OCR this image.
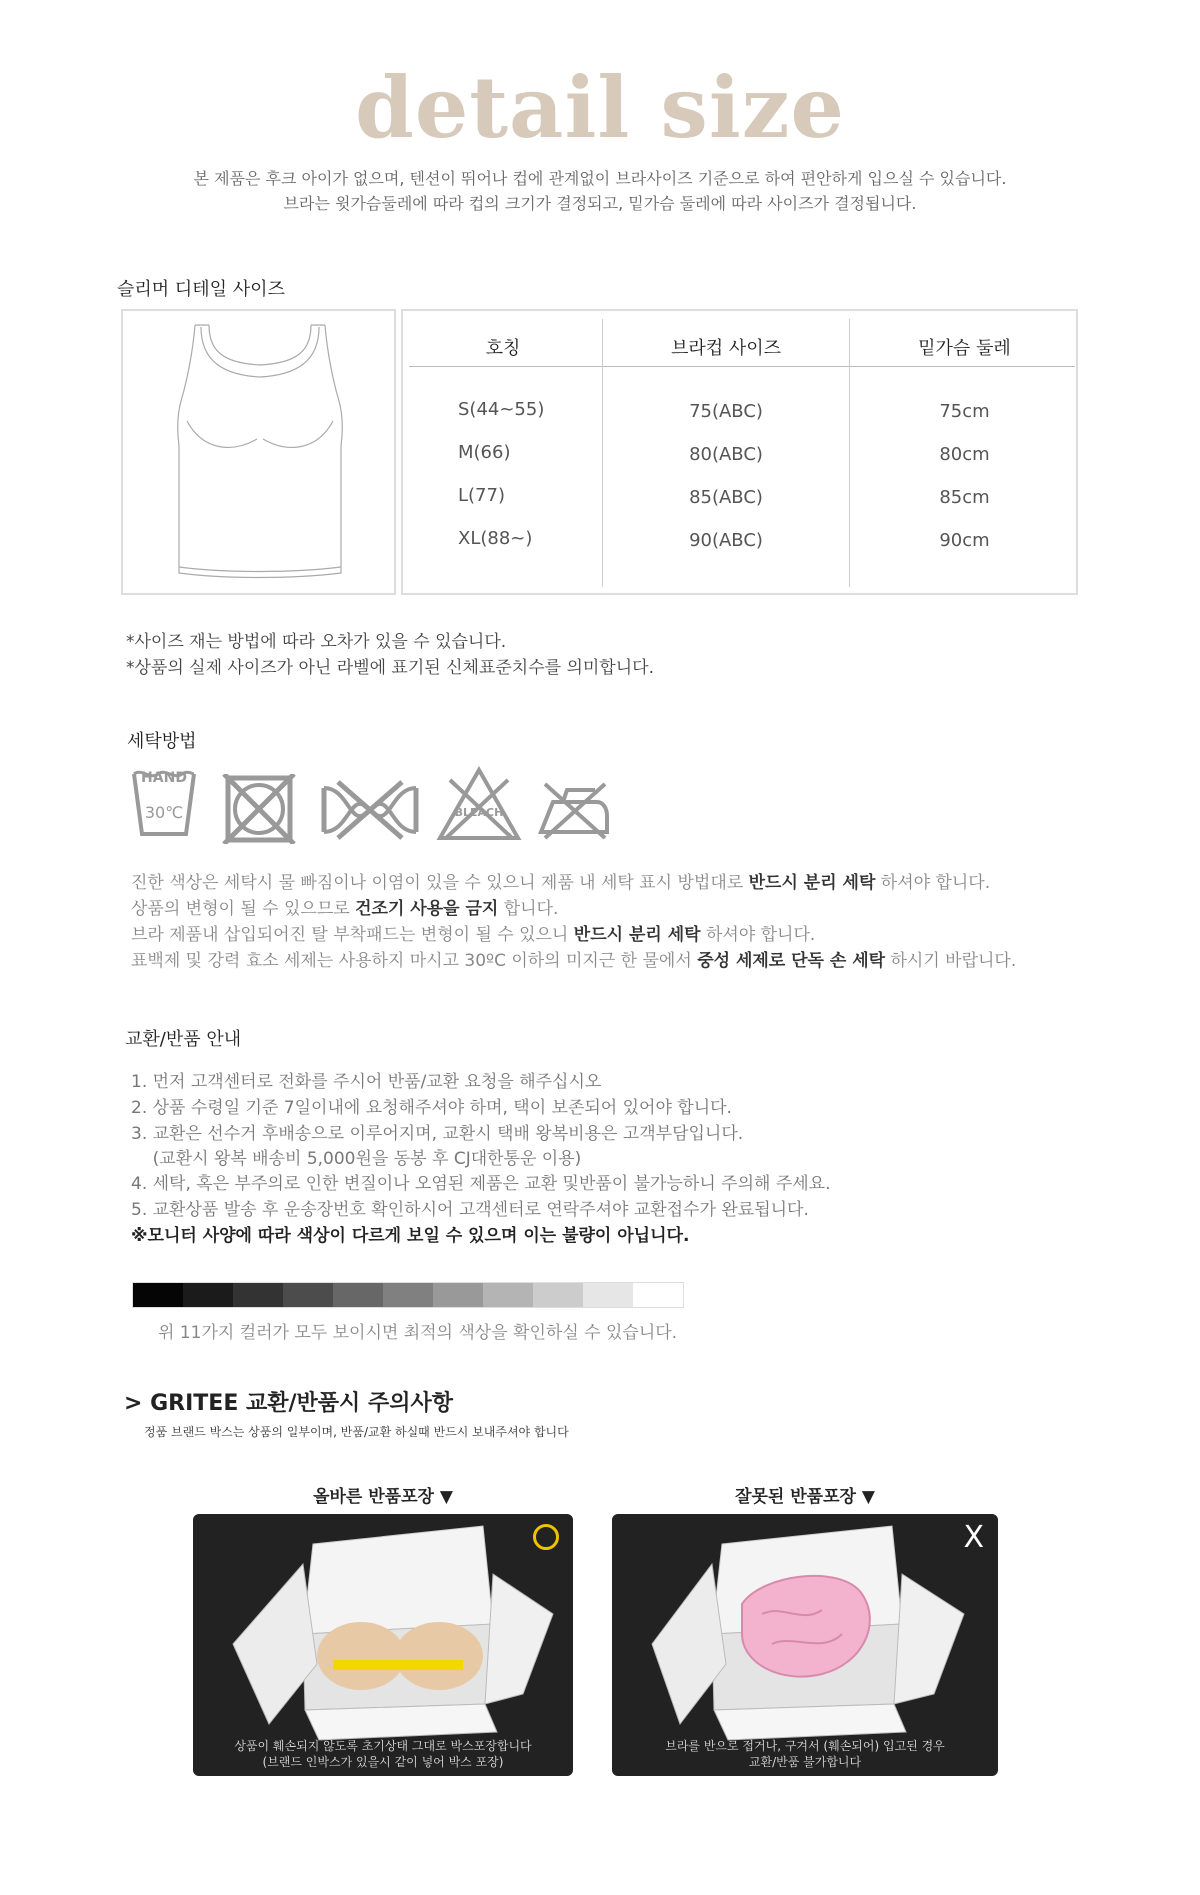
detail size
본 제품은 후크 아이가 없으며, 텐션이 뛰어나 컵에 관계없이 브라사이즈 기준으로 하여 편안하게 입으실 수 있습니다.
브라는 윗가슴둘레에 따라 컵의 크기가 결정되고, 밑가슴 둘레에 따라 사이즈가 결정됩니다.
슬리머 디테일 사이즈
호칭	브라컵 사이즈	밑가슴 둘레
S(44~55)	75(ABC)	75cm
M(66)	80(ABC)	80cm
L(77)	85(ABC)	85cm
XL(88~)	90(ABC)	90cm
*사이즈 재는 방법에 따라 오차가 있을 수 있습니다.
*상품의 실제 사이즈가 아닌 라벨에 표기된 신체표준치수를 의미합니다.
세탁방법
HAND
30℃	BLEACH
진한 색상은 세탁시 물 빠짐이나 이염이 있을 수 있으니 제품 내 세탁 표시 방법대로 반드시 분리 세탁 하셔야 합니다.
상품의 변형이 될 수 있으므로 건조기 사용을 금지 합니다.
브라 제품내 삽입되어진 탈 부착패드는 변형이 될 수 있으니 반드시 분리 세탁 하셔야 합니다.
표백제 및 강력 효소 세제는 사용하지 마시고 30ºC 이하의 미지근 한 물에서 중성 세제로 단독 손 세탁 하시기 바랍니다.
교환/반품 안내
1. 먼저 고객센터로 전화를 주시어 반품/교환 요청을 해주십시오
2. 상품 수령일 기준 7일이내에 요청해주셔야 하며, 택이 보존되어 있어야 합니다.
3. 교환은 선수거 후배송으로 이루어지며, 교환시 택배 왕복비용은 고객부담입니다.
(교환시 왕복 배송비 5,000원을 동봉 후 CJ대한통운 이용)
4. 세탁, 혹은 부주의로 인한 변질이나 오염된 제품은 교환 및반품이 불가능하니 주의해 주세요.
5. 교환상품 발송 후 운송장번호 확인하시어 고객센터로 연락주셔야 교환접수가 완료됩니다.
※모니터 사양에 따라 색상이 다르게 보일 수 있으며 이는 불량이 아닙니다.
위 11가지 컬러가 모두 보이시면 최적의 색상을 확인하실 수 있습니다.
> GRITEE 교환/반품시 주의사항
정품 브랜드 박스는 상품의 일부이며, 반품/교환 하실때 반드시 보내주셔야 합니다
올바른 반품포장 ▼	잘못된 반품포장 ▼
상품이 훼손되지 않도록 초기상태 그대로 박스포장합니다
(브랜드 인박스가 있을시 같이 넣어 박스 포장)
X
브라를 반으로 접거나, 구겨서 (훼손되어) 입고된 경우
교환/반품 불가합니다
